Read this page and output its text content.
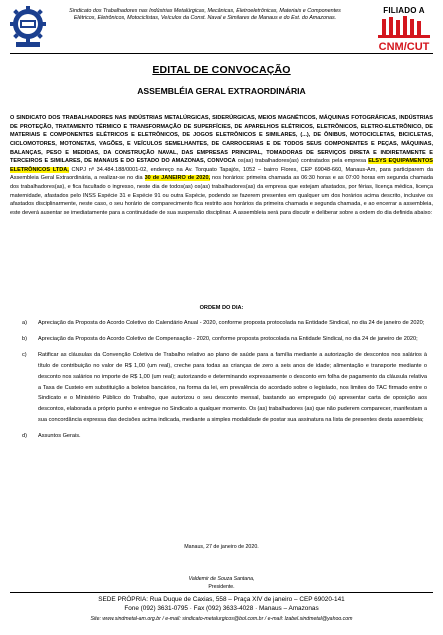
Sindicato dos Trabalhadores nas Indústrias Metalúrgicas, Mecânicas, Eletroeletrônicas, Materiais e Componentes Elétricos, Eletrônicos, Motociclistas, Veículos da Const. Naval e Similares de Manaus e do Est. do Amazonas.
FILIADO A
CNM/CUT
EDITAL DE CONVOCAÇÃO
ASSEMBLÉIA GERAL EXTRAORDINÁRIA

O SINDICATO DOS TRABALHADORES NAS INDÚSTRIAS METALÚRGICAS, SIDERÚRGICAS, MEIOS MAGNÉTICOS, MÁQUINAS FOTOGRÁFICAS, INDÚSTRIAS DE PROTEÇÃO, TRATAMENTO TÉRMICO E TRANSFORMAÇÃO DE SUPERFÍCIES, DE APARELHOS ELÉTRICOS, ELETRÔNICOS, ELETRO-ELETRÔNICO, DE MATERIAIS E COMPONENTES ELÉTRICOS E ELETRÔNICOS, DE JOGOS ELETRÔNICOS E SIMILARES, (...), DE ÔNIBUS, MOTOCICLETAS, BICICLETAS, CICLOMOTORES, MOTONETAS, VAGÕES, E VEÍCULOS SEMELHANTES, DE CARROCERIAS E DE TODOS SEUS COMPONENTES E PEÇAS, MÁQUINAS, BALANÇAS, PESO E MEDIDAS, DA CONSTRUÇÃO NAVAL, DAS EMPRESAS PRINCIPAL, TOMADORAS DE SERVIÇOS DIRETA E INDIRETAMENTE E TERCEIROS E SIMILARES, DE MANAUS E DO ESTADO DO AMAZONAS, CONVOCA os(as) trabalhadores(as) contratados pela empresa ELSYS EQUIPAMENTOS ELETRÔNICOS LTDA, CNPJ nº 34.484.188/0001-02, endereço na Av. Torquato Tapajós, 1052 – bairro Flores, CEP 69048-660, Manaus-Am, para participarem da Assembleia Geral Extraordinária, a realizar-se no dia 30 de JANEIRO de 2020, nos horários: primeira chamada as 06:30 horas e as 07:00 horas em segunda chamada dos trabalhadores(as), e fica facultado o ingresso, neste dia de todos(as) os(as) trabalhadores(as) da empresa que estejam afastados, por férias, licença médica, licença maternidade, afastados pelo INSS Espécie 31 e Espécie 91 ou outra Espécie, podendo se fazerem presentes em qualquer um dos horários acima descrito, inclusive os afastados disciplinarmente, neste caso, o seu horário de comparecimento fica restrito aos horários da primeira chamada e segunda chamada, e ao encerrar a assembleia, este deverá ausentar se imediatamente para a continuidade de sua suspensão disciplinar. A assembleia será para discutir e deliberar sobre a ordem do dia definida abaixo:

ORDEM DO DIA:
a) Apreciação da Proposta do Acordo Coletivo do Calendário Anual - 2020, conforme proposta protocolada na Entidade Sindical, no dia 24 de janeiro de 2020;
b) Apreciação da Proposta do Acordo Coletivo de Compensação - 2020, conforme proposta protocolada na Entidade Sindical, no dia 24 de janeiro de 2020;
c) Ratificar as cláusulas da Convenção Coletiva de Trabalho relativo ao plano de saúde para a família mediante a autorização de descontos nos salários à título de contribuição no valor de R$ 1,00 (um real), creche para todas as crianças de zero a seis anos de idade; alimentação e transporte mediante o desconto nos salários no importe de R$ 1,00 (um real); autorizando e determinando expressamente o desconto em folha de pagamento da cláusula relativa a Taxa de Custeio em substituição a boletos bancários, na forma da lei, em prevalência do acordado sobre o legislado, nos limites do TAC firmado entre o Sindicato e o Ministério Público do Trabalho, que autorizou o seu desconto mensal, bastando ao empregado (a) apresentar carta de oposição aos descontos, elaborada a próprio punho e entregue no Sindicato a qualquer momento. Os (as) trabalhadores (as) que não puderem comparecer, manifestam a sua concordância expressa das decisões acima indicada, mediante a simples modalidade de postar sua assinatura na lista de presentes desta assembleia;
d) Assuntos Gerais.
Manaus, 27 de janeiro de 2020.
Valdemir de Souza Santana,
Presidente.
SEDE PRÓPRIA: Rua Duque de Caxias, 558 – Praça XIV de janeiro – CEP 69020-141
Fone (092) 3631-0795 · Fax (092) 3633-4028 · Manaus – Amazonas
Site: www.sindmetal-am.org.br / e-mail: sindicato-metalurgicos@bol.com.br / e-mail: lzabel.sindmetal@yahoo.com
